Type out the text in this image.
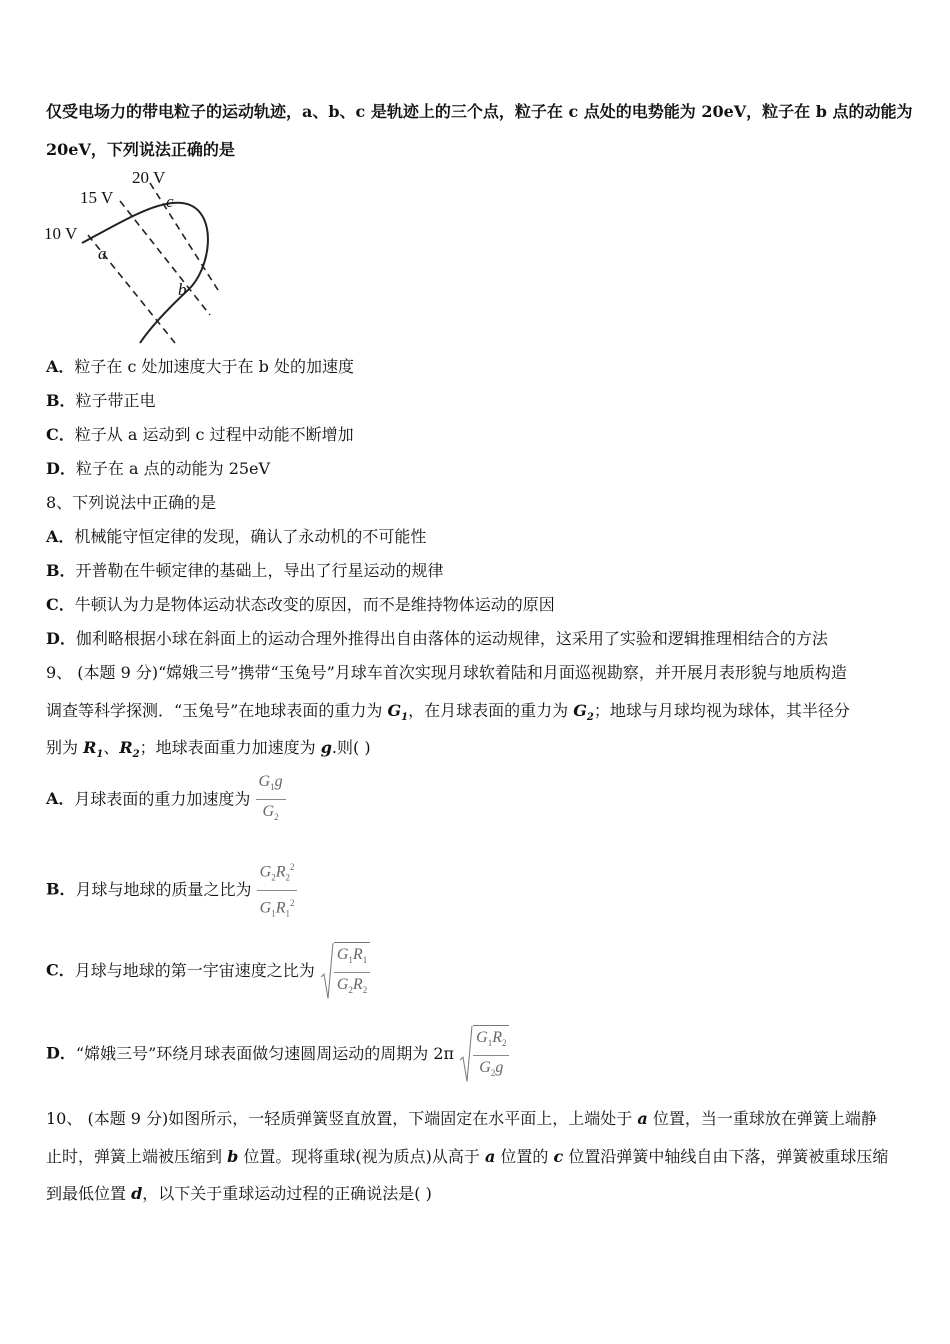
仅受电场力的带电粒子的运动轨迹，a、b、c 是轨迹上的三个点，粒子在 c 点处的电势能为 20eV，粒子在 b 点的动能为
20eV，下列说法正确的是
20 V
15 V
10 V
a
c
b
A．粒子在 c 处加速度大于在 b 处的加速度
B．粒子带正电
C．粒子从 a 运动到 c 过程中动能不断增加
D．粒子在 a 点的动能为 25eV
8、下列说法中正确的是
A．机械能守恒定律的发现，确认了永动机的不可能性
B．开普勒在牛顿定律的基础上，导出了行星运动的规律
C．牛顿认为力是物体运动状态改变的原因，而不是维持物体运动的原因
D．伽利略根据小球在斜面上的运动合理外推得出自由落体的运动规律，这采用了实验和逻辑推理相结合的方法
9、 (本题 9 分)“嫦娥三号”携带“玉兔号”月球车首次实现月球软着陆和月面巡视勘察，并开展月表形貌与地质构造
调查等科学探测．“玉兔号”在地球表面的重力为 $G_1$，在月球表面的重力为 $G_2$；地球与月球均视为球体，其半径分
别为 $R_1$、$R_2$；地球表面重力加速度为 g.则( )
A．月球表面的重力加速度为 $\frac{G_1g}{G_2}$
B．月球与地球的质量之比为 $\frac{G_2R_2^2}{G_1R_1^2}$
C．月球与地球的第一宇宙速度之比为 $\frac{G_1R_1}{G_2R_2}$
D．“嫦娥三号”环绕月球表面做匀速圆周运动的周期为 $2\pi \frac{G_1R_2}{G_2g}$
10、 (本题 9 分)如图所示，一轻质弹簧竖直放置，下端固定在水平面上，上端处于 a 位置，当一重球放在弹簧上端静
止时，弹簧上端被压缩到 b 位置。现将重球(视为质点)从高于 a 位置的 c 位置沿弹簧中轴线自由下落，弹簧被重球压缩
到最低位置 d，以下关于重球运动过程的正确说法是( )
